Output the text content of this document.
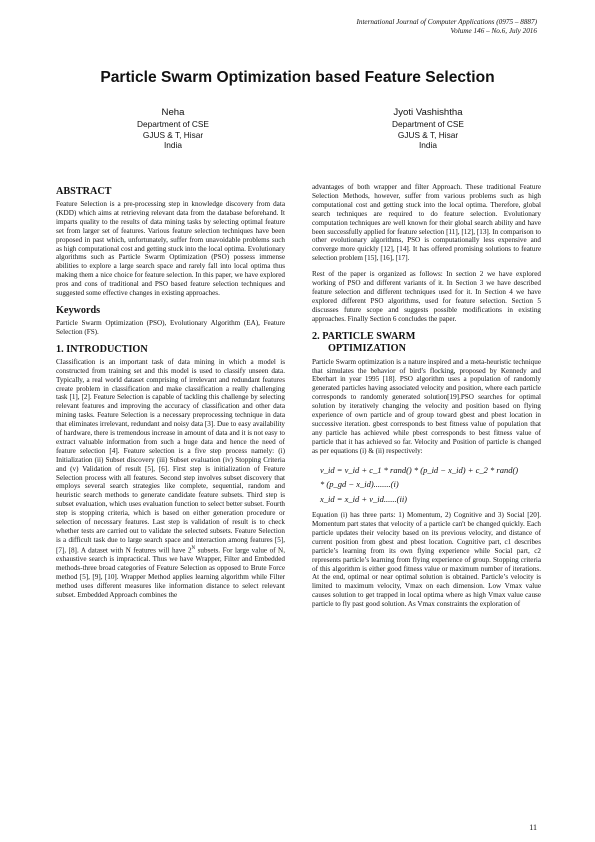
International Journal of Computer Applications (0975 – 8887)
Volume 146 – No.6, July 2016
Particle Swarm Optimization based Feature Selection
Neha
Department of CSE
GJUS & T, Hisar
India
Jyoti Vashishtha
Department of CSE
GJUS & T, Hisar
India
ABSTRACT

Feature Selection is a pre-processing step in knowledge discovery from data (KDD) which aims at retrieving relevant data from the database beforehand. It imparts quality to the results of data mining tasks by selecting optimal feature set from larger set of features. Various feature selection techniques have been proposed in past which, unfortunately, suffer from unavoidable problems such as high computational cost and getting stuck into the local optima. Evolutionary algorithms such as Particle Swarm Optimization (PSO) possess immense abilities to explore a large search space and rarely fall into local optima thus making them a nice choice for feature selection. In this paper, we have explored pros and cons of traditional and PSO based feature selection techniques and suggested some effective changes in existing approaches.

Keywords

Particle Swarm Optimization (PSO), Evolutionary Algorithm (EA), Feature Selection (FS).

1. INTRODUCTION

Classification is an important task of data mining in which a model is constructed from training set and this model is used to classify unseen data. Typically, a real world dataset comprising of irrelevant and redundant features create problem in classification and make classification a really challenging task [1], [2]. Feature Selection is capable of tackling this challenge by selecting relevant features and improving the accuracy of classification and other data mining tasks. Feature Selection is a necessary preprocessing technique in data that eliminates irrelevant, redundant and noisy data [3]. Due to easy availability of hardware, there is tremendous increase in amount of data and it is not easy to extract valuable information from such a huge data and hence the need of feature selection [4]. Feature selection is a five step process namely: (i) Initialization (ii) Subset discovery (iii) Subset evaluation (iv) Stopping Criteria and (v) Validation of result [5], [6]. First step is initialization of Feature Selection process with all features. Second step involves subset discovery that employs several search strategies like complete, sequential, random and heuristic search methods to generate candidate feature subsets. Third step is subset evaluation, which uses evaluation function to select better subset. Fourth step is stopping criteria, which is based on either generation procedure or selection of necessary features. Last step is validation of result is to check whether tests are carried out to validate the selected subsets. Feature Selection is a difficult task due to large search space and interaction among features [5], [7], [8]. A dataset with N features will have $2^N$ subsets. For large value of N, exhaustive search is impractical. Thus we have Wrapper, Filter and Embedded methods-three broad categories of Feature Selection as opposed to Brute Force method [5], [9], [10]. Wrapper Method applies learning algorithm while Filter method uses different measures like information distance to select relevant subset. Embedded Approach combines the

advantages of both wrapper and filter Approach. These traditional Feature Selection Methods, however, suffer from various problems such as high computational cost and getting stuck into the local optima. Therefore, global search techniques are required to do feature selection. Evolutionary computation techniques are well known for their global search ability and have been successfully applied for feature selection [11], [12], [13]. In comparison to other evolutionary algorithms, PSO is computationally less expensive and converge more quickly [12], [14]. It has offered promising solutions to feature selection problem [15], [16], [17].

Rest of the paper is organized as follows: In section 2 we have explored working of PSO and different variants of it. In Section 3 we have described feature selection and different techniques used for it. In Section 4 we have explored different PSO algorithms, used for feature selection. Section 5 discusses future scope and suggests possible modifications in existing approaches. Finally Section 6 concludes the paper.

2. PARTICLE SWARM
OPTIMIZATION

Particle Swarm optimization is a nature inspired and a meta-heuristic technique that simulates the behavior of bird’s flocking, proposed by Kennedy and Eberhart in year 1995 [18]. PSO algorithm uses a population of randomly generated particles having associated velocity and position, where each particle corresponds to randomly generated solution[19].PSO searches for optimal solution by iteratively changing the velocity and position based on flying experience of own particle and of group toward gbest and pbest location in successive iteration. gbest corresponds to best fitness value of population that any particle has achieved while pbest corresponds to best fitness value of particle that it has achieved so far. Velocity and Position of particle is changed as per equations (i) & (ii) respectively:

v_id = v_id + c_1 * rand() * (p_id − x_id) + c_2 * rand()
* (p_gd − x_id)........(i)
x_id = x_id + v_id......(ii)

Equation (i) has three parts: 1) Momentum, 2) Cognitive and 3) Social [20]. Momentum part states that velocity of a particle can't be changed quickly. Each particle updates their velocity based on its previous velocity, and distance of current position from gbest and pbest location. Cognitive part, c1 describes particle’s learning from its own flying experience while Social part, c2 represents particle’s learning from flying experience of group. Stopping criteria of this algorithm is either good fitness value or maximum number of iterations. At the end, optimal or near optimal solution is obtained. Particle’s velocity is limited to maximum velocity, Vmax on each dimension. Low Vmax value causes solution to get trapped in local optima where as high Vmax value cause particle to fly past good solution. As Vmax constraints the exploration of

11
